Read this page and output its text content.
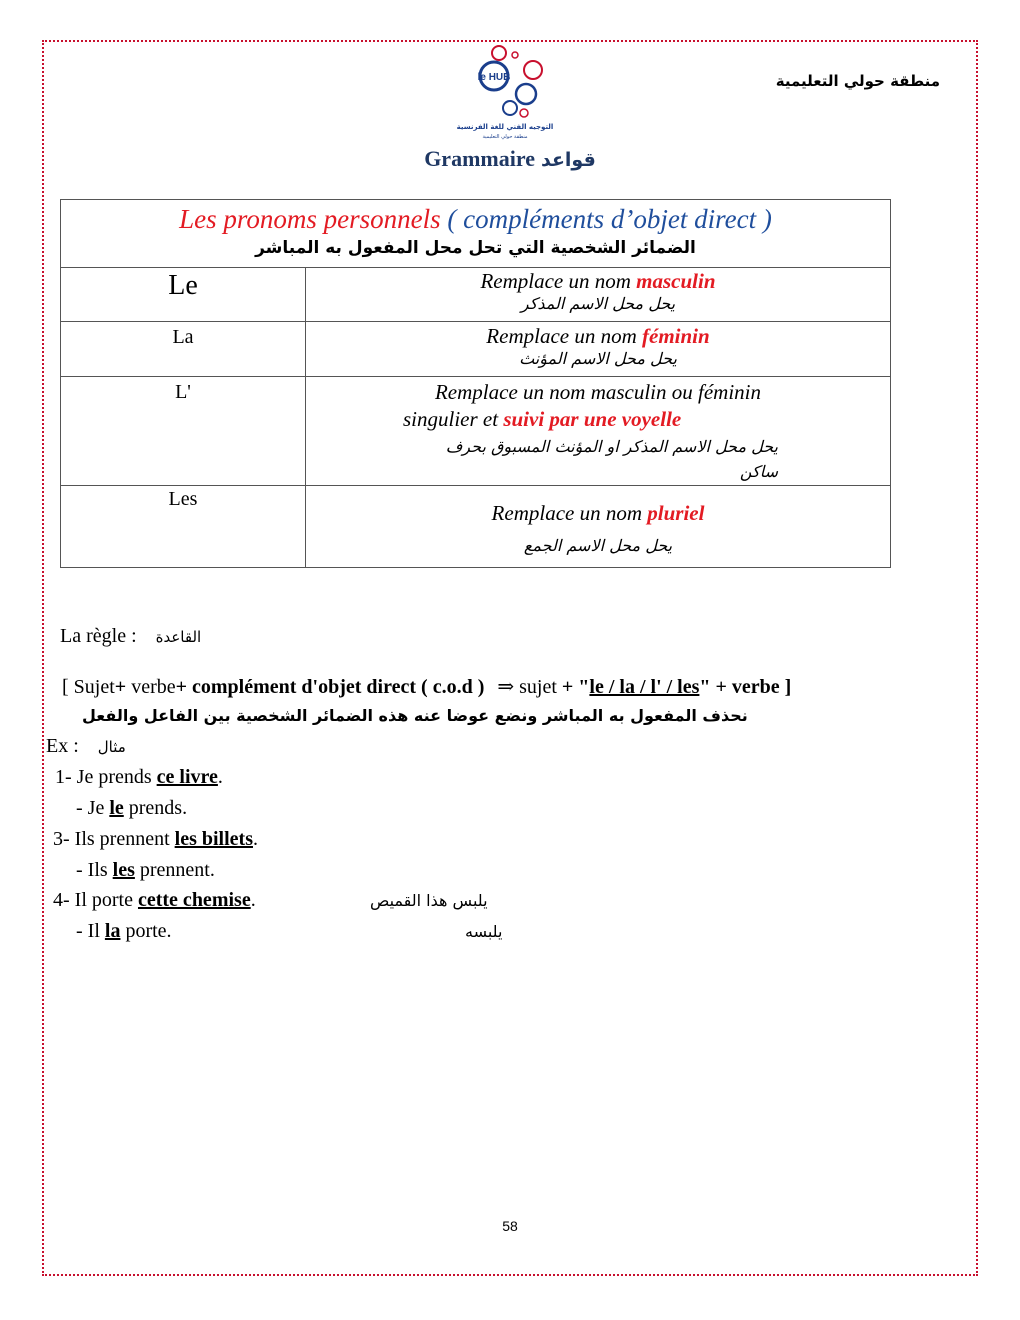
منطقة حولي التعليمية
le HUB
التوجيه الفني للغة الفرنسية
منطقة حولي التعليمية
Grammaire قواعد
Les pronoms personnels ( compléments d’objet direct )
الضمائر الشخصية التي تحل محل المفعول به المباشر	

Le	Remplace un nom masculin
يحل محل الاسم المذكر

La	Remplace un nom féminin
يحل محل الاسم المؤنث

L'	Remplace un nom masculin ou féminin
singulier et suivi par une voyelle
يحل محل الاسم المذكر او المؤنث المسبوق بحرف
ساكن

Les	Remplace un nom pluriel
يحل محل الاسم الجمع
La règle : القاعدة
[ Sujet+ verbe+ complément d'objet direct ( c.o.d ) ⇒ sujet + "le / la / l' / les" + verbe ]
نحذف المفعول به المباشر ونضع عوضا عنه هذه الضمائر الشخصية بين الفاعل والفعل
Ex : مثال
1- Je prends ce livre.
- Je le prends.
3- Ils prennent les billets.
- Ils les prennent.
4- Il porte cette chemise.	يلبس هذا القميص
- Il la porte.	يلبسه
58
